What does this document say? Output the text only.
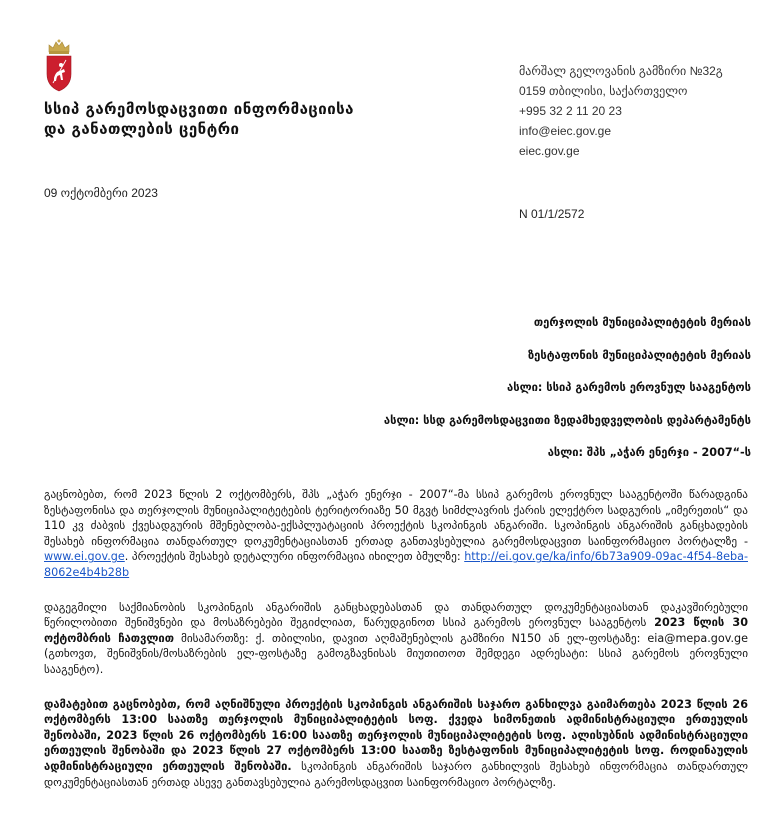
სსიპ გარემოსდაცვითი ინფორმაციისა
და განათლების ცენტრი
მარშალ გელოვანის გამზირი №32გ
0159 თბილისი, საქართველო
+995 32 2 11 20 23
info@eiec.gov.ge
eiec.gov.ge
09 ოქტომბერი 2023
N 01/1/2572
თერჯოლის მუნიციპალიტეტის მერიას
ზესტაფონის მუნიციპალიტეტის მერიას
ასლი: სსიპ გარემოს ეროვნულ სააგენტოს
ასლი: სსდ გარემოსდაცვითი ზედამხედველობის დეპარტამენტს
ასლი: შპს „აჭარ ენერჯი - 2007“-ს

გაცნობებთ, რომ 2023 წლის 2 ოქტომბერს, შპს „აჭარ ენერჯი - 2007“-მა სსიპ გარემოს ეროვნულ სააგენტოში წარადგინა ზესტაფონისა და თერჯოლის მუნიციპალიტეტების ტერიტორიაზე 50 მგვტ სიმძლავრის ქარის ელექტრო სადგურის „იმერეთის“ და 110 კვ ძაბვის ქვესადგურის მშენებლობა-ექსპლუატაციის პროექტის სკოპინგის ანგარიში. სკოპინგის ანგარიშის განცხადების შესახებ ინფორმაცია თანდართულ დოკუმენტაციასთან ერთად განთავსებულია გარემოსდაცვით საინფორმაციო პორტალზე - www.ei.gov.ge. პროექტის შესახებ დეტალური ინფორმაცია იხილეთ ბმულზე: http://ei.gov.ge/ka/info/6b73a909-09ac-4f54-8eba-8062e4b4b28b

დაგეგმილი საქმიანობის სკოპინგის ანგარიშის განცხადებასთან და თანდართულ დოკუმენტაციასთან დაკავშირებული წერილობითი შენიშვნები და მოსაზრებები შეგიძლიათ, წარუდგინოთ სსიპ გარემოს ეროვნულ სააგენტოს 2023 წლის 30 ოქტომბრის ჩათვლით მისამართზე: ქ. თბილისი, დავით აღმაშენებლის გამზირი N150 ან ელ-ფოსტაზე: eia@mepa.gov.ge (გთხოვთ, შენიშვნის/მოსაზრების ელ-ფოსტაზე გამოგზავნისას მიუთითოთ შემდეგი ადრესატი: სსიპ გარემოს ეროვნული სააგენტო).

დამატებით გაცნობებთ, რომ აღნიშნული პროექტის სკოპინგის ანგარიშის საჯარო განხილვა გაიმართება 2023 წლის 26 ოქტომბერს 13:00 საათზე თერჯოლის მუნიციპალიტეტის სოფ. ქვედა სიმონეთის ადმინისტრაციული ერთეულის შენობაში, 2023 წლის 26 ოქტომბერს 16:00 საათზე თერჯოლის მუნიციპალიტეტის სოფ. ალისუბნის ადმინისტრაციული ერთეულის შენობაში და 2023 წლის 27 ოქტომბერს 13:00 საათზე ზესტაფონის მუნიციპალიტეტის სოფ. როდინაულის ადმინისტრაციული ერთეულის შენობაში. სკოპინგის ანგარიშის საჯარო განხილვის შესახებ ინფორმაცია თანდართულ დოკუმენტაციასთან ერთად ასევე განთავსებულია გარემოსდაცვით საინფორმაციო პორტალზე.
